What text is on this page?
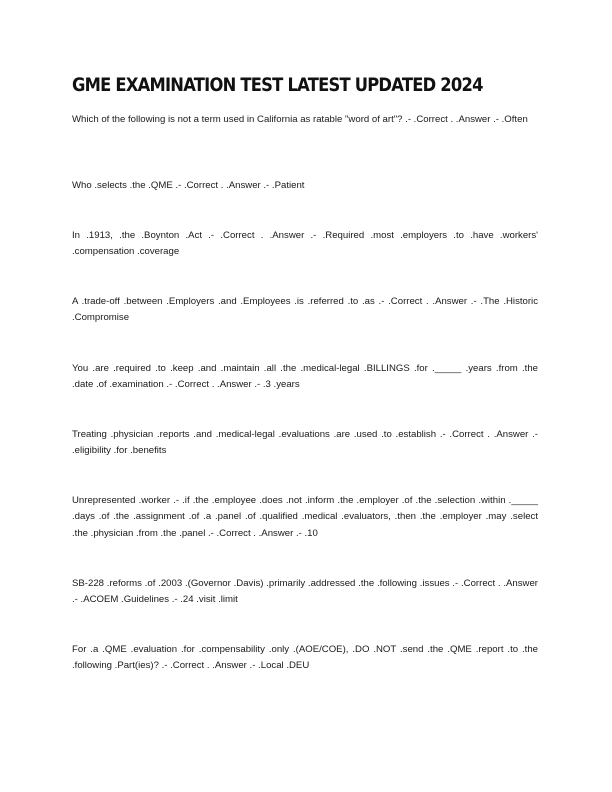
GME EXAMINATION TEST LATEST UPDATED 2024

Which of the following is not a term used in California as ratable "word of art"? .- .Correct . .Answer .- .Often

Who .selects .the .QME .- .Correct . .Answer .- .Patient

In .1913, .the .Boynton .Act .- .Correct . .Answer .- .Required .most .employers .to .have .workers' .compensation .coverage

A .trade-off .between .Employers .and .Employees .is .referred .to .as .- .Correct . .Answer .- .The .Historic .Compromise

You .are .required .to .keep .and .maintain .all .the .medical-legal .BILLINGS .for ._____ .years .from .the .date .of .examination .- .Correct . .Answer .- .3 .years

Treating .physician .reports .and .medical-legal .evaluations .are .used .to .establish .- .Correct . .Answer .- .eligibility .for .benefits

Unrepresented .worker .- .if .the .employee .does .not .inform .the .employer .of .the .selection .within ._____ .days .of .the .assignment .of .a .panel .of .qualified .medical .evaluators, .then .the .employer .may .select .the .physician .from .the .panel .- .Correct . .Answer .- .10

SB-228 .reforms .of .2003 .(Governor .Davis) .primarily .addressed .the .following .issues .- .Correct . .Answer .- .ACOEM .Guidelines .- .24 .visit .limit

For .a .QME .evaluation .for .compensability .only .(AOE/COE), .DO .NOT .send .the .QME .report .to .the .following .Part(ies)? .- .Correct . .Answer .- .Local .DEU
